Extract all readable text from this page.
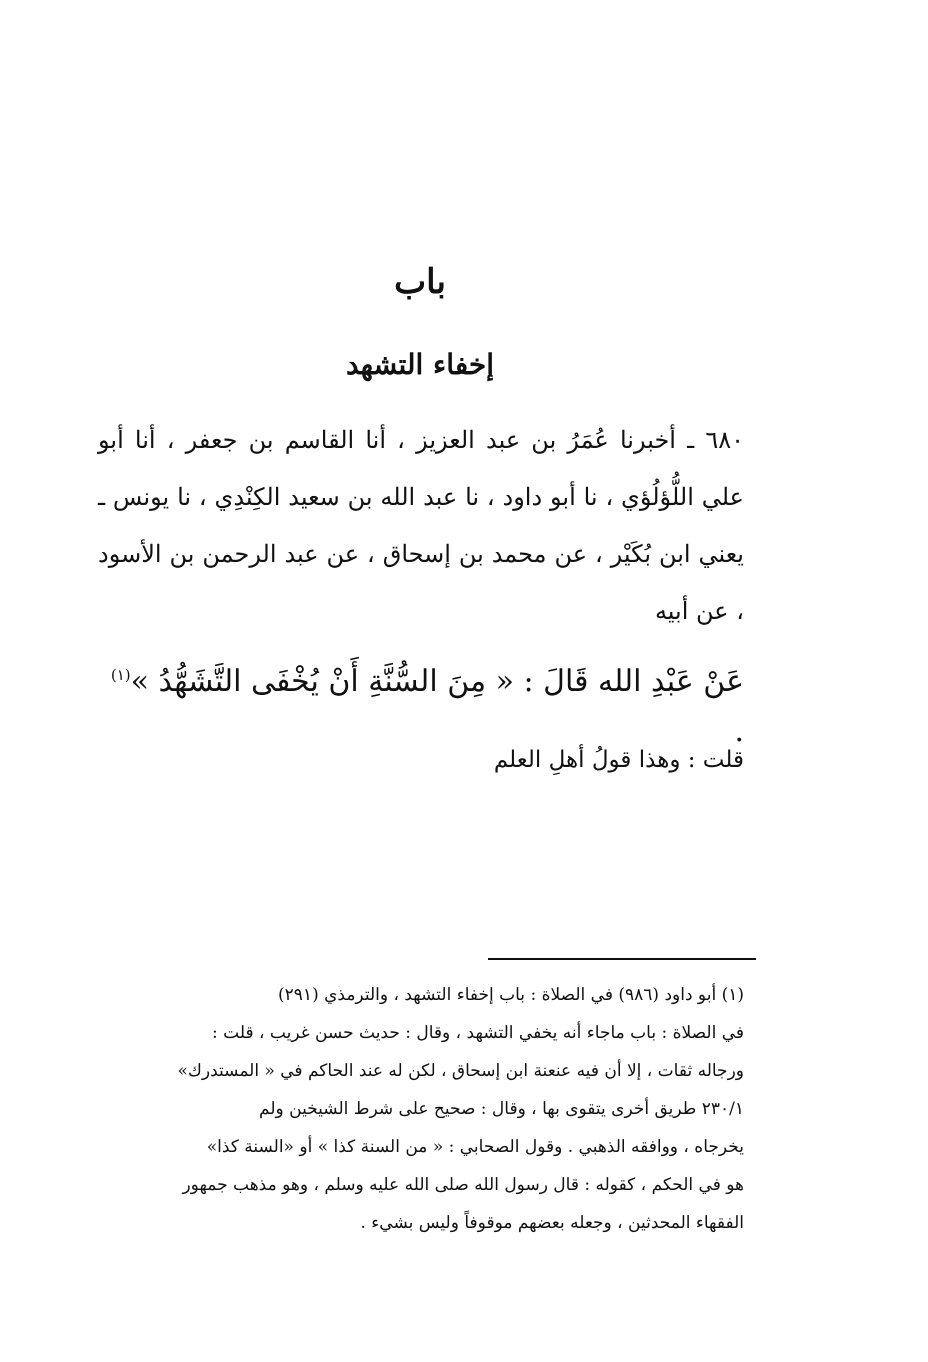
باب
إخفاء التشهد
٦٨٠ ـ أخبرنا عُمَرُ بن عبد العزيز ، أنا القاسم بن جعفر ، أنا أبو علي اللُّؤلُؤي ، نا أبو داود ، نا عبد الله بن سعيد الكِنْدِي ، نا يونس ـ يعني ابن بُكَيْر ، عن محمد بن إسحاق ، عن عبد الرحمن بن الأسود ، عن أبيه
عَنْ عَبْدِ الله قَالَ : « مِنَ السُّنَّةِ أَنْ يُخْفَى التَّشَهُّدُ »$^{(١)}$ .
قلت : وهذا قولُ أهلِ العلم
(١) أبو داود (٩٨٦) في الصلاة : باب إخفاء التشهد ، والترمذي (٢٩١)
في الصلاة : باب ماجاء أنه يخفي التشهد ، وقال : حديث حسن غريب ، قلت :
ورجاله ثقات ، إلا أن فيه عنعنة ابن إسحاق ، لكن له عند الحاكم في « المستدرك»
٢٣٠/١ طريق أخرى يتقوى بها ، وقال : صحيح على شرط الشيخين ولم
يخرجاه ، ووافقه الذهبي . وقول الصحابي : « من السنة كذا » أو «السنة كذا»
هو في الحكم ، كقوله : قال رسول الله صلى الله عليه وسلم ، وهو مذهب جمهور
الفقهاء المحدثين ، وجعله بعضهم موقوفاً وليس بشيء .
